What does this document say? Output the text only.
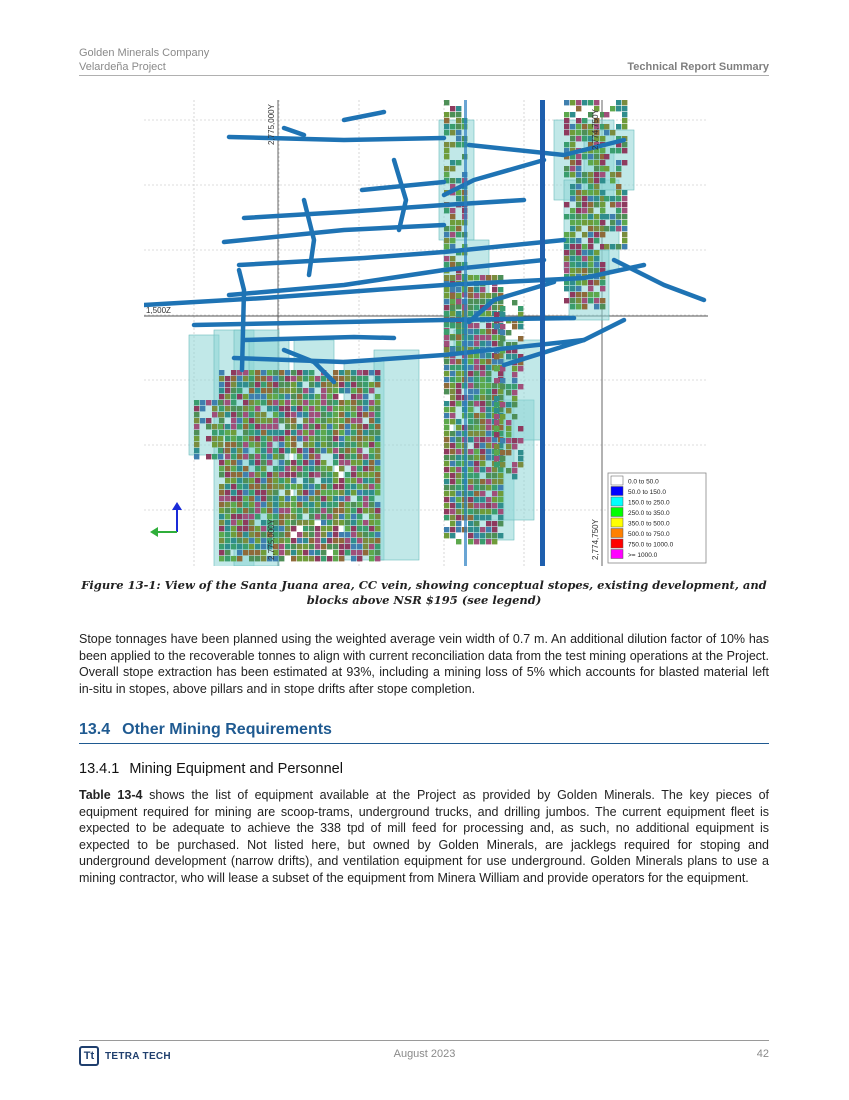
Golden Minerals Company
Velardeña Project	Technical Report Summary
2,775,000Y	2,774,750Y
2,775,000Y	2,774,750Y
1,500Z
0.0 to 50.0
50.0 to 150.0
150.0 to 250.0
250.0 to 350.0
350.0 to 500.0
500.0 to 750.0
750.0 to 1000.0
>= 1000.0
Figure 13-1: View of the Santa Juana area, CC vein, showing conceptual stopes, existing development, and blocks above NSR $195 (see legend)
Stope tonnages have been planned using the weighted average vein width of 0.7 m. An additional dilution factor of 10% has been applied to the recoverable tonnes to align with current reconciliation data from the test mining operations at the Project. Overall stope extraction has been estimated at 93%, including a mining loss of 5% which accounts for blasted material left in-situ in stopes, above pillars and in stope drifts after stope completion.
13.4 Other Mining Requirements
13.4.1 Mining Equipment and Personnel
Table 13-4 shows the list of equipment available at the Project as provided by Golden Minerals. The key pieces of equipment required for mining are scoop-trams, underground trucks, and drilling jumbos. The current equipment fleet is expected to be adequate to achieve the 338 tpd of mill feed for processing and, as such, no additional equipment is expected to be purchased. Not listed here, but owned by Golden Minerals, are jacklegs required for stoping and underground development (narrow drifts), and ventilation equipment for use underground. Golden Minerals plans to use a mining contractor, who will lease a subset of the equipment from Minera William and provide operators for the equipment.
Tt	TETRA TECH	August 2023	42
